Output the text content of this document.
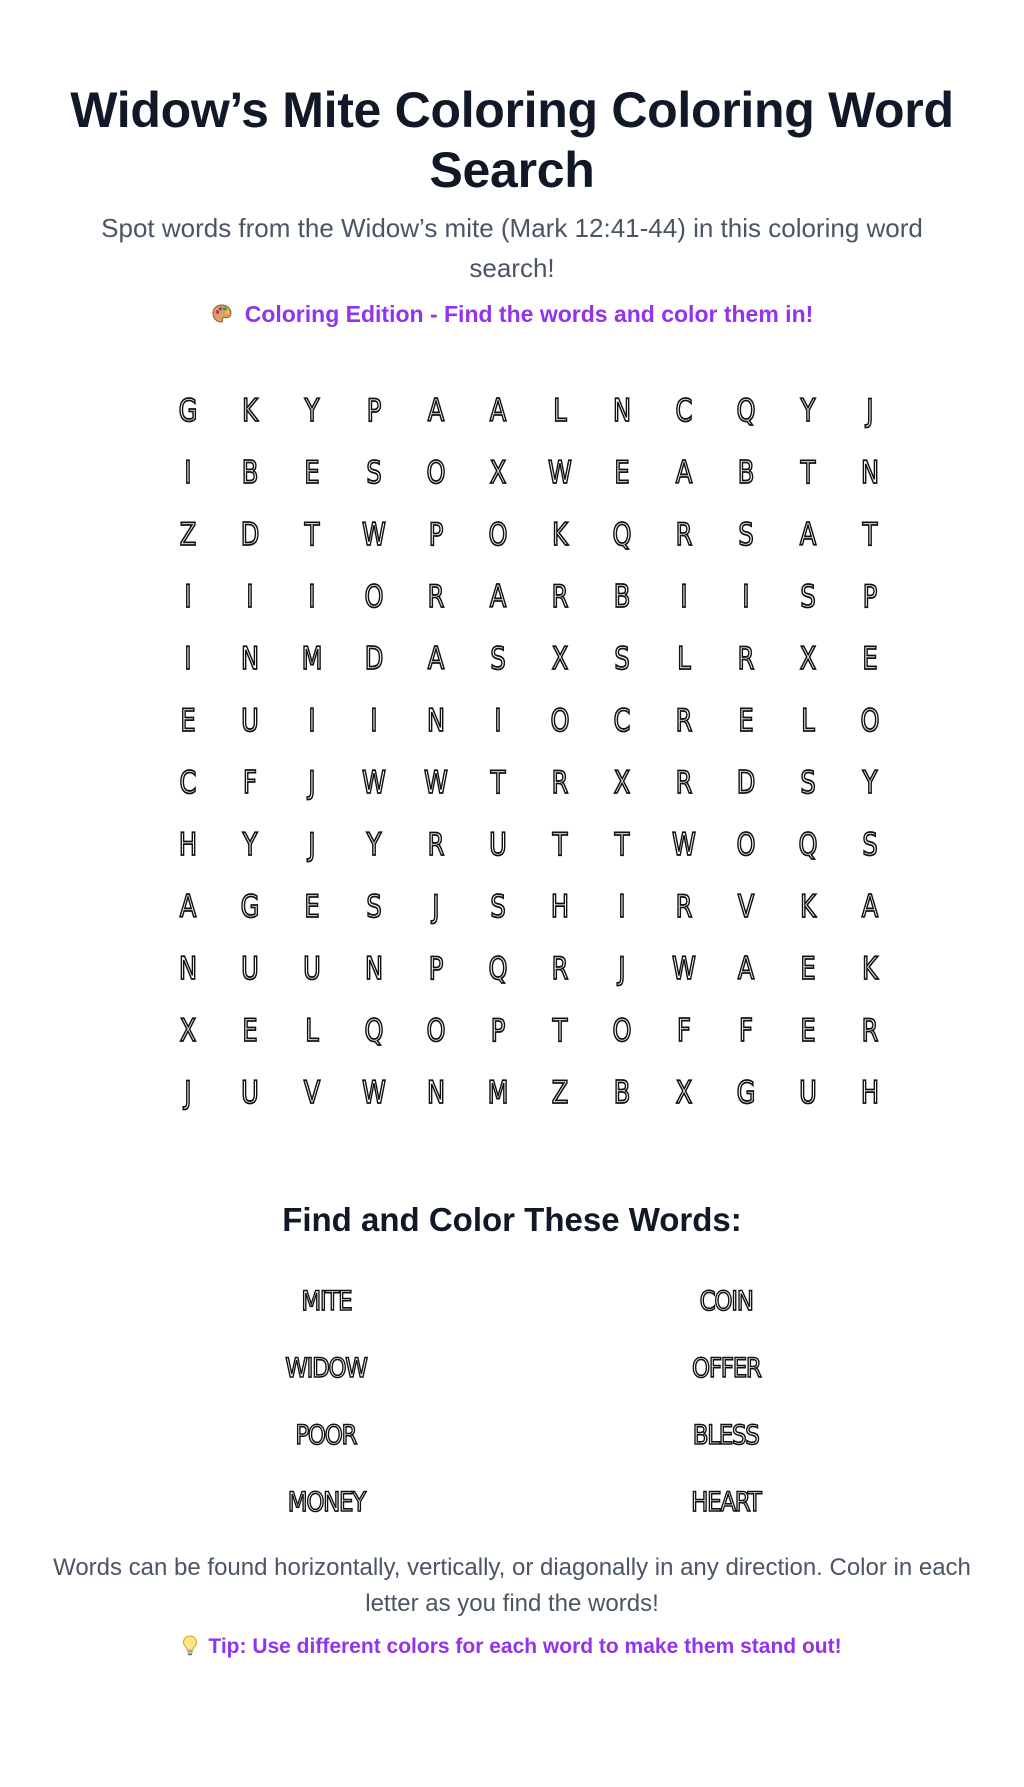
Widow’s Mite Coloring Coloring Word Search

Spot words from the Widow’s mite (Mark 12:41-44) in this coloring word search!

Coloring Edition - Find the words and color them in!
G	K	Y	P	A	A	L	N	C	Q	Y	J
I	B	E	S	O	X	W	E	A	B	T	N
Z	D	T	W	P	O	K	Q	R	S	A	T
I	I	I	O	R	A	R	B	I	I	S	P
I	N	M	D	A	S	X	S	L	R	X	E
E	U	I	I	N	I	O	C	R	E	L	O
C	F	J	W	W	T	R	X	R	D	S	Y
H	Y	J	Y	R	U	T	T	W	O	Q	S
A	G	E	S	J	S	H	I	R	V	K	A
N	U	U	N	P	Q	R	J	W	A	E	K
X	E	L	Q	O	P	T	O	F	F	E	R
J	U	V	W	N	M	Z	B	X	G	U	H
Find and Color These Words:
MITE	COIN
WIDOW	OFFER
POOR	BLESS
MONEY	HEART

Words can be found horizontally, vertically, or diagonally in any direction. Color in each letter as you find the words!

Tip: Use different colors for each word to make them stand out!
